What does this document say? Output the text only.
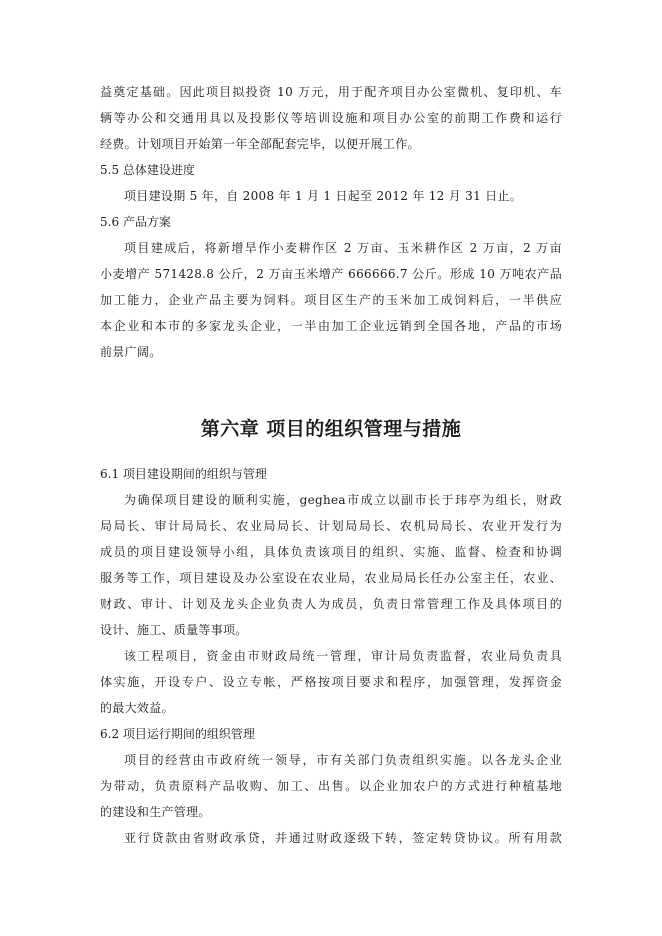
益奠定基础。因此项目拟投资 10 万元，用于配齐项目办公室微机、复印机、车
辆等办公和交通用具以及投影仪等培训设施和项目办公室的前期工作费和运行
经费。计划项目开始第一年全部配套完毕，以便开展工作。
5.5 总体建设进度
项目建设期 5 年，自 2008 年 1 月 1 日起至 2012 年 12 月 31 日止。
5.6 产品方案
项目建成后，将新增旱作小麦耕作区 2 万亩、玉米耕作区 2 万亩，2 万亩
小麦增产 571428.8 公斤，2 万亩玉米增产 666666.7 公斤。形成 10 万吨农产品
加工能力，企业产品主要为饲料。项目区生产的玉米加工成饲料后，一半供应
本企业和本市的多家龙头企业，一半由加工企业远销到全国各地，产品的市场
前景广阔。
第六章 项目的组织管理与措施
6.1 项目建设期间的组织与管理
为确保项目建设的顺利实施，geghea市成立以副市长于玮亭为组长，财政
局局长、审计局局长、农业局局长、计划局局长、农机局局长、农业开发行为
成员的项目建设领导小组，具体负责该项目的组织、实施、监督、检查和协调
服务等工作，项目建设及办公室设在农业局，农业局局长任办公室主任，农业、
财政、审计、计划及龙头企业负责人为成员，负责日常管理工作及具体项目的
设计、施工、质量等事项。
该工程项目，资金由市财政局统一管理，审计局负责监督，农业局负责具
体实施，开设专户、设立专帐，严格按项目要求和程序，加强管理，发挥资金
的最大效益。
6.2 项目运行期间的组织管理
项目的经营由市政府统一领导，市有关部门负责组织实施。以各龙头企业
为带动，负责原料产品收购、加工、出售。以企业加农户的方式进行种植基地
的建设和生产管理。
亚行贷款由省财政承贷，并通过财政逐级下转，签定转贷协议。所有用款
